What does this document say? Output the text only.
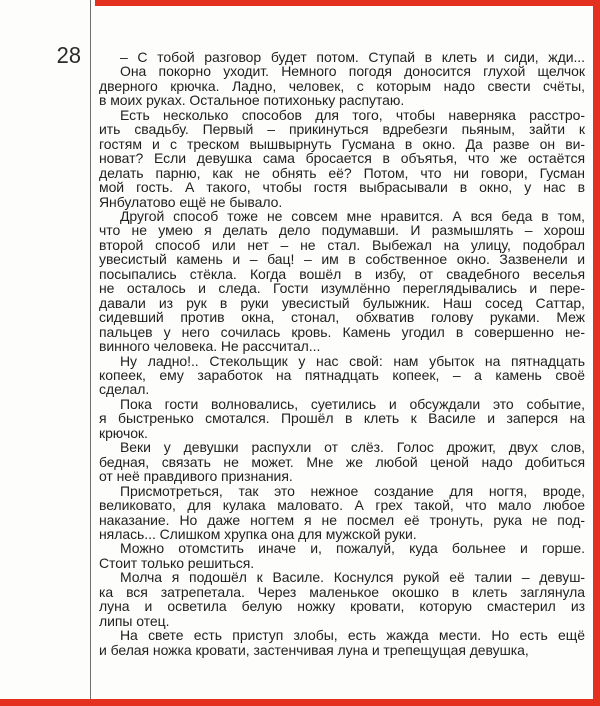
28	– С тобой разговор будет потом. Ступай в клеть и сиди, жди...
Она покорно уходит. Немного погодя доносится глухой щелчок
дверного крючка. Ладно, человек, с которым надо свести счёты,
в моих руках. Остальное потихоньку распутаю.
Есть несколько способов для того, чтобы наверняка расстро-
ить свадьбу. Первый – прикинуться вдребезги пьяным, зайти к
гостям и с треском вышвырнуть Гусмана в окно. Да разве он ви-
новат? Если девушка сама бросается в объятья, что же остаётся
делать парню, как не обнять её? Потом, что ни говори, Гусман
мой гость. А такого, чтобы гостя выбрасывали в окно, у нас в
Янбулатово ещё не бывало.
Другой способ тоже не совсем мне нравится. А вся беда в том,
что не умею я делать дело подумавши. И размышлять – хорош
второй способ или нет – не стал. Выбежал на улицу, подобрал
увесистый камень и – бац! – им в собственное окно. Зазвенели и
посыпались стёкла. Когда вошёл в избу, от свадебного веселья
не осталось и следа. Гости изумлённо переглядывались и пере-
давали из рук в руки увесистый булыжник. Наш сосед Саттар,
сидевший против окна, стонал, обхватив голову руками. Меж
пальцев у него сочилась кровь. Камень угодил в совершенно не-
винного человека. Не рассчитал...
Ну ладно!.. Стекольщик у нас свой: нам убыток на пятнадцать
копеек, ему заработок на пятнадцать копеек, – а камень своё
сделал.
Пока гости волновались, суетились и обсуждали это событие,
я быстренько смотался. Прошёл в клеть к Василе и заперся на
крючок.
Веки у девушки распухли от слёз. Голос дрожит, двух слов,
бедная, связать не может. Мне же любой ценой надо добиться
от неё правдивого признания.
Присмотреться, так это нежное создание для ногтя, вроде,
великовато, для кулака маловато. А грех такой, что мало любое
наказание. Но даже ногтем я не посмел её тронуть, рука не под-
нялась... Слишком хрупка она для мужской руки.
Можно отомстить иначе и, пожалуй, куда больнее и горше.
Стоит только решиться.
Молча я подошёл к Василе. Коснулся рукой её талии – девуш-
ка вся затрепетала. Через маленькое окошко в клеть заглянула
луна и осветила белую ножку кровати, которую смастерил из
липы отец.
На свете есть приступ злобы, есть жажда мести. Но есть ещё
и белая ножка кровати, застенчивая луна и трепещущая девушка,
